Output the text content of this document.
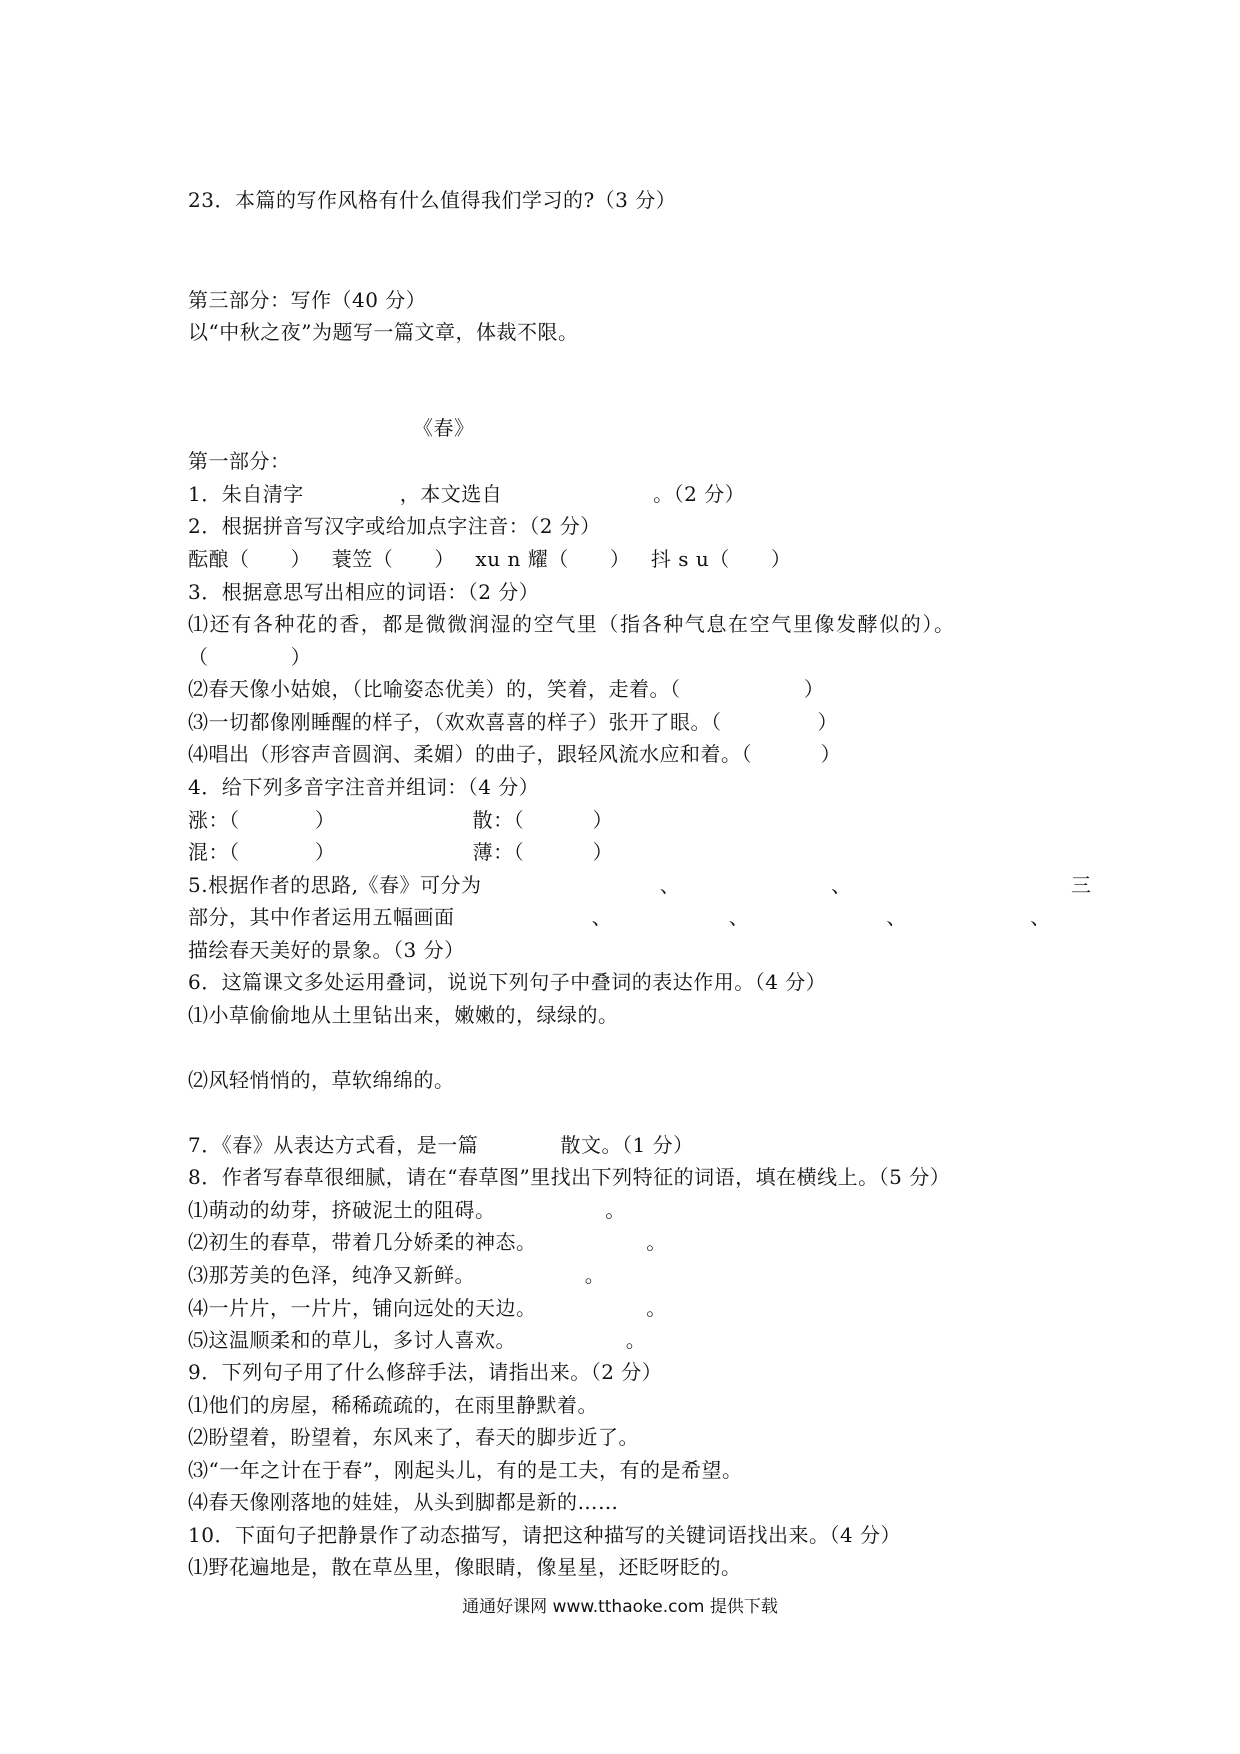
23．本篇的写作风格有什么值得我们学习的?（3 分）
第三部分：写作（40 分）
以“中秋之夜”为题写一篇文章，体裁不限。
《春》
第一部分：
1．朱自清字              ，本文选自                      。（2 分）
2．根据拼音写汉字或给加点字注音：（2 分）
酝酿（      ）   蓑笠（      ）   xu n 耀（      ）   抖 s u（      ）
3．根据意思写出相应的词语：（2 分）
⑴还有各种花的香，都是微微润湿的空气里（指各种气息在空气里像发酵似的）。
（            ）
⑵春天像小姑娘，（比喻姿态优美）的，笑着，走着。（                  ）
⑶一切都像刚睡醒的样子，（欢欢喜喜的样子）张开了眼。（              ）
⑷唱出（形容声音圆润、柔媚）的曲子，跟轻风流水应和着。（          ）
4．给下列多音字注音并组词：（4 分）
涨：（           ）                    散：（          ）
混：（           ）                    薄：（          ）
5.根据作者的思路,《春》可分为                          、                      、                                三
部分，其中作者运用五幅画面                    、                 、                    、                  、
描绘春天美好的景象。（3 分）
6．这篇课文多处运用叠词，说说下列句子中叠词的表达作用。（4 分）
⑴小草偷偷地从土里钻出来，嫩嫩的，绿绿的。
⑵风轻悄悄的，草软绵绵的。
7．《春》从表达方式看，是一篇            散文。（1 分）
8．作者写春草很细腻，请在“春草图”里找出下列特征的词语，填在横线上。（5 分）
⑴萌动的幼芽，挤破泥土的阻碍。                。
⑵初生的春草，带着几分娇柔的神态。                。
⑶那芳美的色泽，纯净又新鲜。                。
⑷一片片，一片片，铺向远处的天边。                。
⑸这温顺柔和的草儿，多讨人喜欢。                。
9．下列句子用了什么修辞手法，请指出来。（2 分）
⑴他们的房屋，稀稀疏疏的，在雨里静默着。
⑵盼望着，盼望着，东风来了，春天的脚步近了。
⑶“一年之计在于春”，刚起头儿，有的是工夫，有的是希望。
⑷春天像刚落地的娃娃，从头到脚都是新的……
10．下面句子把静景作了动态描写，请把这种描写的关键词语找出来。（4 分）
⑴野花遍地是，散在草丛里，像眼睛，像星星，还眨呀眨的。
通通好课网 www.tthaoke.com 提供下载
